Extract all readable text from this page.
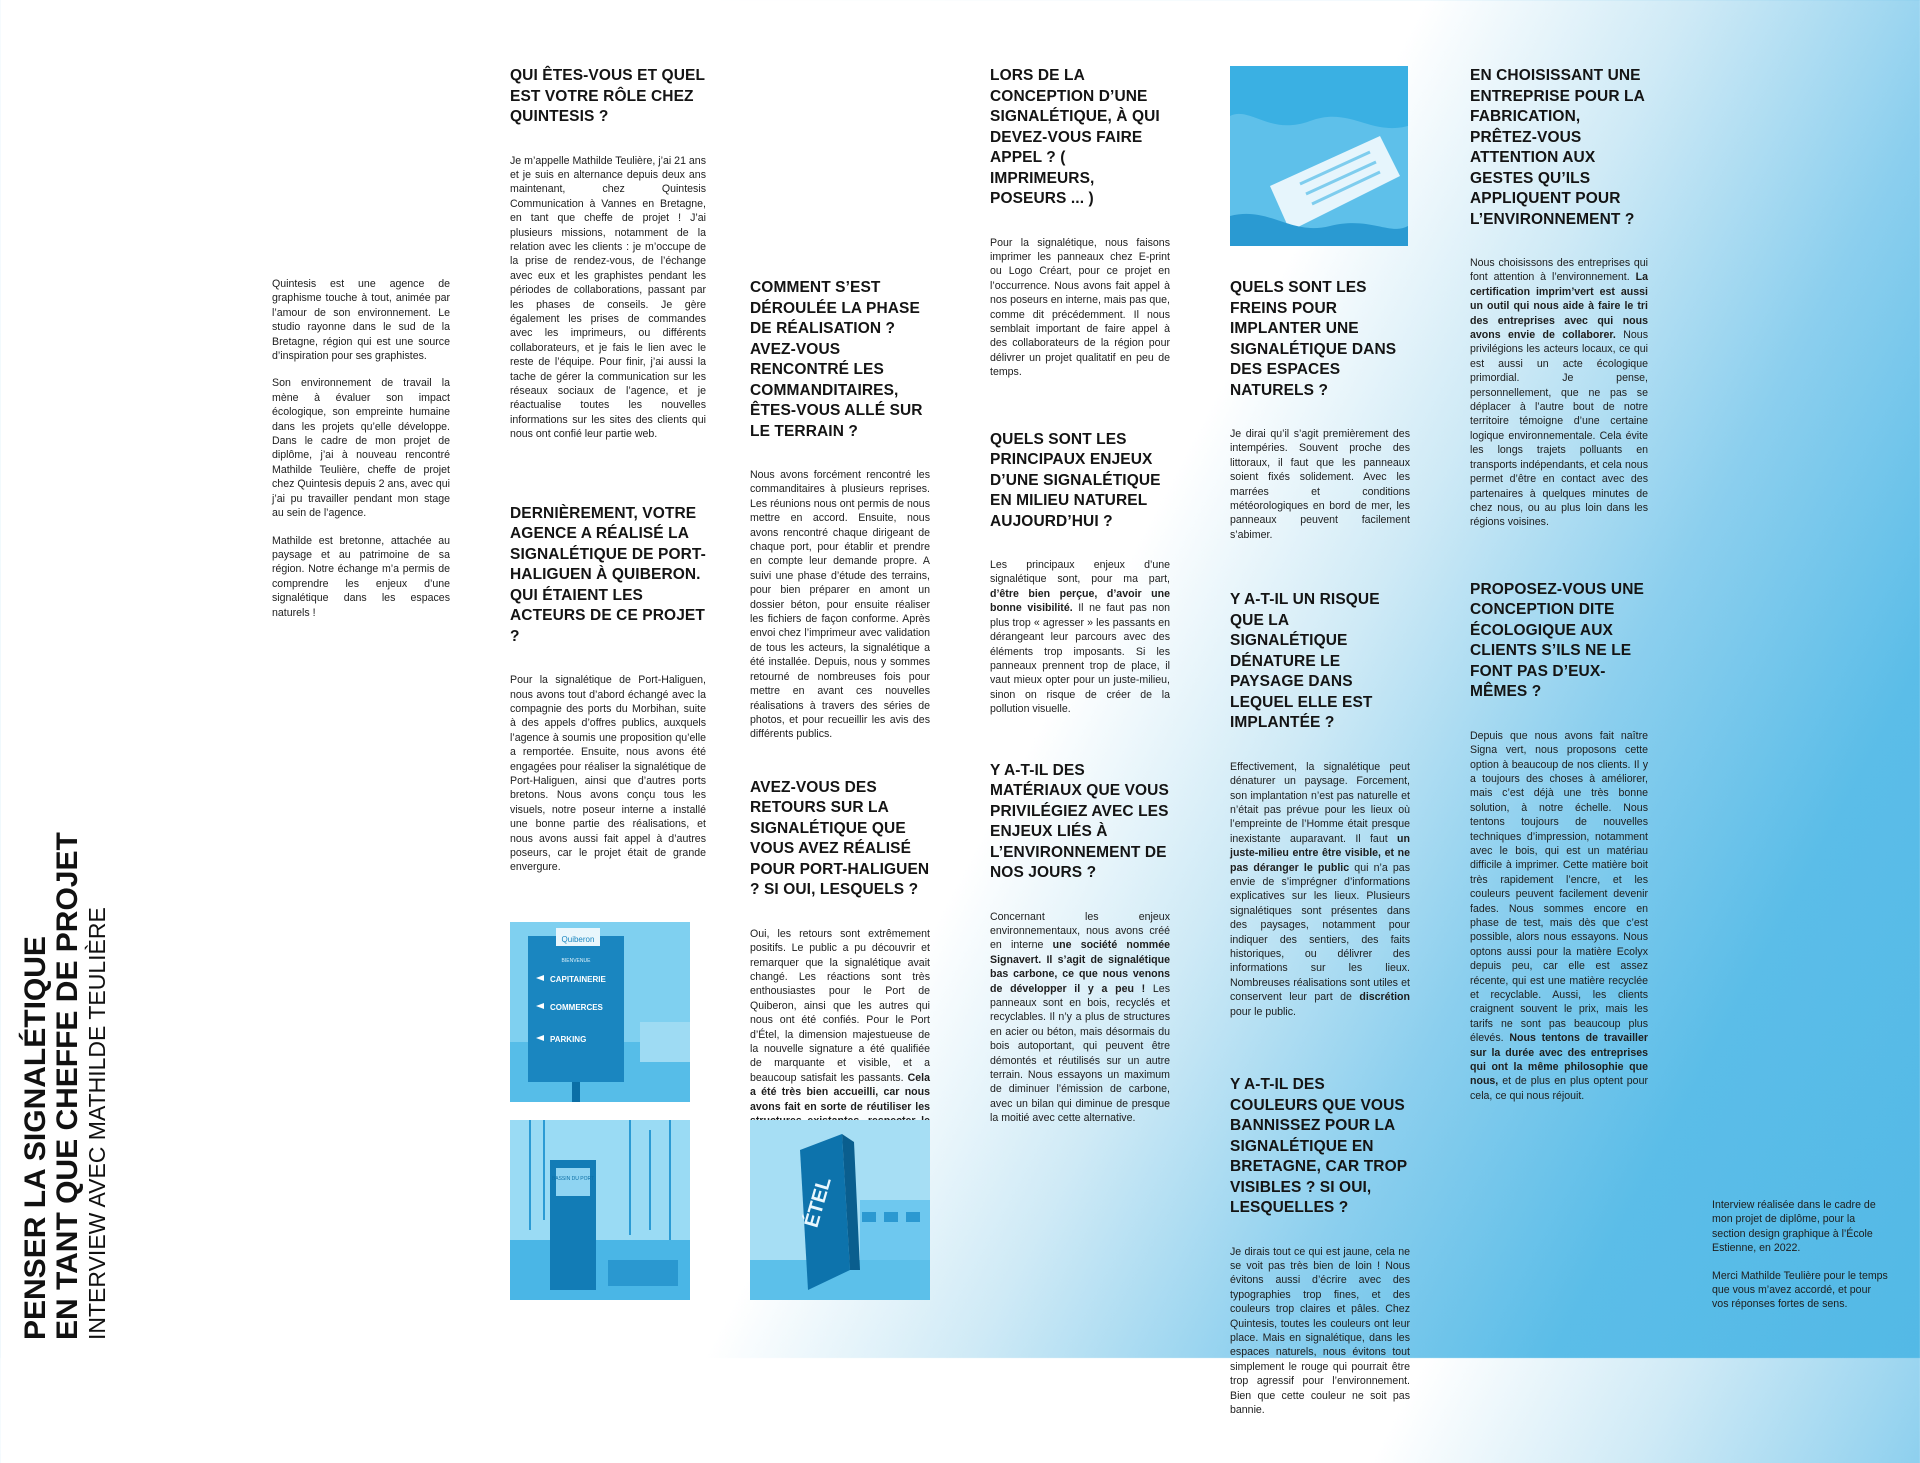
PENSER LA SIGNALÉTIQUE EN TANT QUE CHEFFE DE PROJET INTERVIEW AVEC MATHILDE TEULIÈRE

Quintesis est une agence de graphisme touche à tout, animée par l’amour de son environnement. Le studio rayonne dans le sud de la Bretagne, région qui est une source d’inspiration pour ses graphistes.

Son environnement de travail la mène à évaluer son impact écologique, son empreinte humaine dans les projets qu’elle développe. Dans le cadre de mon projet de diplôme, j’ai à nouveau rencontré Mathilde Teulière, cheffe de projet chez Quintesis depuis 2 ans, avec qui j’ai pu travailler pendant mon stage au sein de l’agence.

Mathilde est bretonne, attachée au paysage et au patrimoine de sa région. Notre échange m’a permis de comprendre les enjeux d’une signalétique dans les espaces naturels !

QUI ÊTES-VOUS ET QUEL EST VOTRE RÔLE CHEZ QUINTESIS ?

Je m’appelle Mathilde Teulière, j’ai 21 ans et je suis en alternance depuis deux ans maintenant, chez Quintesis Communication à Vannes en Bretagne, en tant que cheffe de projet ! J’ai plusieurs missions, notamment de la relation avec les clients : je m’occupe de la prise de rendez-vous, de l’échange avec eux et les graphistes pendant les périodes de collaborations, passant par les phases de conseils. Je gère également les prises de commandes avec les imprimeurs, ou différents collaborateurs, et je fais le lien avec le reste de l’équipe. Pour finir, j’ai aussi la tache de gérer la communication sur les réseaux sociaux de l’agence, et je réactualise toutes les nouvelles informations sur les sites des clients qui nous ont confié leur partie web.

DERNIÈREMENT, VOTRE AGENCE A RÉALISÉ LA SIGNALÉTIQUE DE PORT-HALIGUEN À QUIBERON. QUI ÉTAIENT LES ACTEURS DE CE PROJET ?

Pour la signalétique de Port-Haliguen, nous avons tout d’abord échangé avec la compagnie des ports du Morbihan, suite à des appels d’offres publics, auxquels l’agence à soumis une proposition qu’elle a remportée. Ensuite, nous avons été engagées pour réaliser la signalétique de Port-Haliguen, ainsi que d’autres ports bretons. Nous avons conçu tous les visuels, notre poseur interne a installé une bonne partie des réalisations, et nous avons aussi fait appel à d’autres poseurs, car le projet était de grande envergure.

COMMENT S’EST DÉROULÉE LA PHASE DE RÉALISATION ? AVEZ-VOUS RENCONTRÉ LES COMMANDITAIRES, ÊTES-VOUS ALLÉ SUR LE TERRAIN ?

Nous avons forcément rencontré les commanditaires à plusieurs reprises. Les réunions nous ont permis de nous mettre en accord. Ensuite, nous avons rencontré chaque dirigeant de chaque port, pour établir et prendre en compte leur demande propre. A suivi une phase d’étude des terrains, pour bien préparer en amont un dossier béton, pour ensuite réaliser les fichiers de façon conforme. Après envoi chez l’imprimeur avec validation de tous les acteurs, la signalétique a été installée. Depuis, nous y sommes retourné de nombreuses fois pour mettre en avant ces nouvelles réalisations à travers des séries de photos, et pour recueillir les avis des différents publics.

AVEZ-VOUS DES RETOURS SUR LA SIGNALÉTIQUE QUE VOUS AVEZ RÉALISÉ POUR PORT-HALIGUEN ? SI OUI, LESQUELS ?

Oui, les retours sont extrêmement positifs. Le public a pu découvrir et remarquer que la signalétique avait changé. Les réactions sont très enthousiastes pour le Port de Quiberon, ainsi que les autres qui nous ont été confiés. Pour le Port d’Étel, la dimension majestueuse de la nouvelle signature a été qualifiée de marquante et visible, et a beaucoup satisfait les passants. Cela a été très bien accueilli, car nous avons fait en sorte de réutiliser les

LORS DE LA CONCEPTION D’UNE SIGNALÉTIQUE, À QUI DEVEZ-VOUS FAIRE APPEL ? ( IMPRIMEURS, POSEURS ... )

Pour la signalétique, nous faisons imprimer les panneaux chez E-print ou Logo Créart, pour ce projet en l’occurrence. Nous avons fait appel à nos poseurs en interne, mais pas que, comme dit précédemment. Il nous semblait important de faire appel à des collaborateurs de la région pour délivrer un projet qualitatif en peu de temps.

QUELS SONT LES PRINCIPAUX ENJEUX D’UNE SIGNALÉTIQUE EN MILIEU NATUREL AUJOURD’HUI ?

Les principaux enjeux d’une signalétique sont, pour ma part, d’être bien perçue, d’avoir une bonne visibilité. Il ne faut pas non plus trop « agresser » les passants en dérangeant leur parcours avec des éléments trop imposants. Si les panneaux prennent trop de place, il vaut mieux opter pour un juste-milieu, sinon on risque de créer de la pollution visuelle.

Y A-T-IL DES MATÉRIAUX QUE VOUS PRIVILÉGIEZ AVEC LES ENJEUX LIÉS À L’ENVIRONNEMENT DE NOS JOURS ?

Concernant les enjeux environnementaux, nous avons créé en interne une société nommée Signavert. Il s’agit de signalétique bas carbone, ce que nous venons de développer il y a peu ! Les panneaux sont en bois, recyclés et recyclables. Il n’y a plus de structures en acier ou béton, mais désormais du bois autoportant, qui peuvent être démontés et réutilisés sur un autre terrain. Nous essayons un maximum de diminuer l’émission de carbone, avec un bilan qui diminue de presque la moitié avec cette alternative.

QUELS SONT LES FREINS POUR IMPLANTER UNE SIGNALÉTIQUE DANS DES ESPACES NATURELS ?

Je dirai qu’il s’agit premièrement des intempéries. Souvent proche des littoraux, il faut que les panneaux soient fixés solidement. Avec les marrées et conditions météorologiques en bord de mer, les panneaux peuvent facilement s’abimer.

Y A-T-IL UN RISQUE QUE LA SIGNALÉTIQUE DÉNATURE LE PAYSAGE DANS LEQUEL ELLE EST IMPLANTÉE ?

Effectivement, la signalétique peut dénaturer un paysage. Forcement, son implantation n’est pas naturelle et n’était pas prévue pour les lieux où l’empreinte de l’Homme était presque inexistante auparavant. Il faut un juste-milieu entre être visible, et ne pas déranger le public qui n’a pas envie de s’imprégner d’informations explicatives sur les lieux. Plusieurs signalétiques sont présentes dans des paysages, notamment pour indiquer des sentiers, des faits historiques, ou délivrer des informations sur les lieux. Nombreuses réalisations sont utiles et conservent leur part de discrétion pour le public.

Y A-T-IL DES COULEURS QUE VOUS BANNISSEZ POUR LA SIGNALÉTIQUE EN BRETAGNE, CAR TROP VISIBLES ? SI OUI, LESQUELLES ?

Je dirais tout ce qui est jaune, cela ne se voit pas très bien de loin ! Nous évitons aussi d’écrire avec des typographies trop fines, et des couleurs trop claires et pâles. Chez Quintesis, toutes les couleurs ont leur place. Mais en signalétique, dans les espaces naturels, nous évitons tout simplement le rouge qui pourrait être trop agressif pour l’environnement. Bien que cette couleur ne soit pas bannie.

EN CHOISISSANT UNE ENTREPRISE POUR LA FABRICATION, PRÊTEZ-VOUS ATTENTION AUX GESTES QU’ILS APPLIQUENT POUR L’ENVIRONNEMENT ?

Nous choisissons des entreprises qui font attention à l’environnement. La certification imprim’vert est aussi un outil qui nous aide à faire le tri des entreprises avec qui nous avons envie de collaborer. Nous privilégions les acteurs locaux, ce qui est aussi un acte écologique primordial. Je pense, personnellement, que ne pas se déplacer à l’autre bout de notre territoire témoigne d’une certaine logique environnementale. Cela évite les longs trajets polluants en transports indépendants, et cela nous permet d’être en contact avec des partenaires à quelques minutes de chez nous, ou au plus loin dans les régions voisines.

PROPOSEZ-VOUS UNE CONCEPTION DITE ÉCOLOGIQUE AUX CLIENTS S’ILS NE LE FONT PAS D’EUX-MÊMES ?

Depuis que nous avons fait naître Signa vert, nous proposons cette option à beaucoup de nos clients. Il y a toujours des choses à améliorer, mais c’est déjà une très bonne solution, à notre échelle. Nous tentons toujours de nouvelles techniques d’impression, notamment avec le bois, qui est un matériau difficile à imprimer. Cette matière boit très rapidement l’encre, et les couleurs peuvent facilement devenir fades. Nous sommes encore en phase de test, mais dès que c’est possible, alors nous essayons. Nous optons aussi pour la matière Ecolyx depuis peu, car elle est assez récente, qui est une matière recyclée et recyclable. Aussi, les clients craignent souvent le prix, mais les tarifs ne sont pas beaucoup plus élevés. Nous tentons de travailler sur la durée avec des entreprises qui ont la même philosophie que nous, et de plus en plus optent pour cela, ce qui nous réjouit.

Interview réalisée dans le cadre de mon projet de diplôme, pour la section design graphique à l’École Estienne, en 2022.

Merci Mathilde Teulière pour le temps que vous m’avez accordé, et pour vos réponses fortes de sens.

Quiberon
BIENVENUE
CAPITAINERIE
COMMERCES
PARKING
BASSIN DU PORT	ÉTEL
